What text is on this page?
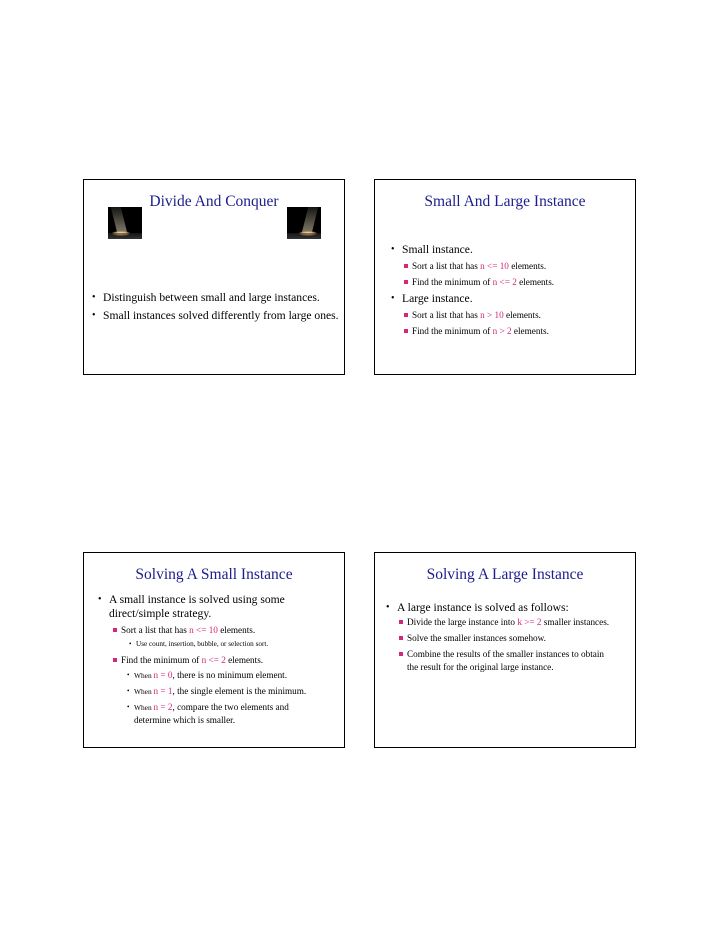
Divide And Conquer
• Distinguish between small and large instances.
• Small instances solved differently from large ones.
Small And Large Instance
• Small instance.
Sort a list that has n <= 10 elements.
Find the minimum of n <= 2 elements.
• Large instance.
Sort a list that has n > 10 elements.
Find the minimum of n > 2 elements.
Solving A Small Instance
• A small instance is solved using some
direct/simple strategy.
Sort a list that has n <= 10 elements.
• Use count, insertion, bubble, or selection sort.
Find the minimum of n <= 2 elements.
• When n = 0, there is no minimum element.
• When n = 1, the single element is the minimum.
• When n = 2, compare the two elements and
determine which is smaller.
Solving A Large Instance
• A large instance is solved as follows:
Divide the large instance into k >= 2 smaller instances.
Solve the smaller instances somehow.
Combine the results of the smaller instances to obtain
the result for the original large instance.
